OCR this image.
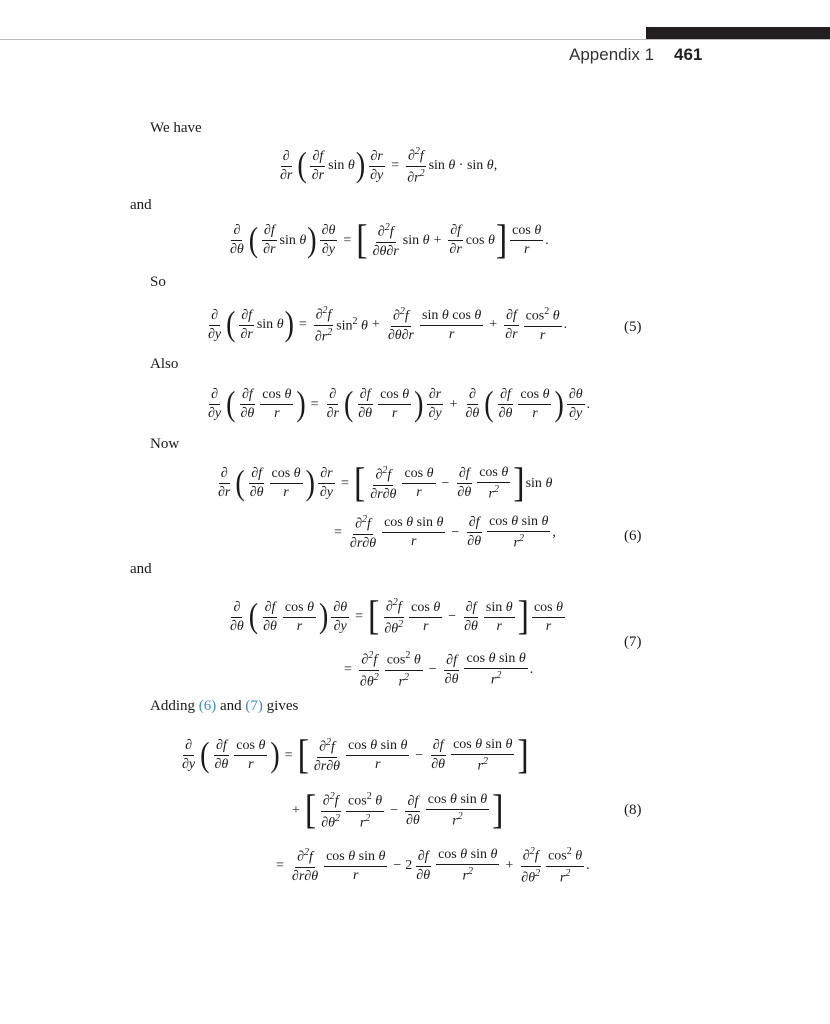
Appendix 1 461
We have
∂
∂r ( ∂f
∂r
sin θ ) $\frac{\partial r}{\partial y} = \frac{\partial^2f}{\partial r^2}$ sin θ · sin θ,
and
∂
∂θ ( ∂f
∂r
sin θ ) $\frac{\partial\theta}{\partial y}$ = [ ∂$^2$f
∂θ∂r
$\sin \theta + \frac{\partial f}{\partial r}$ cos θ ] cos θ
r
.
So
∂
∂y ( ∂f
∂r
sin θ ) = $\frac{\partial^2f}{\partial r^2} \sin^2 \theta + \frac{\partial^2f}{\partial\theta\partial r}$ sin θ cos θ
r
+ $\frac{\partial f}{\partial r} \cos^2 \theta$
r
.	(5)
Also
∂
∂y ( ∂f
∂θ
cos θ
r ) =
∂
∂r ( ∂f
∂θ
cos θ
r ) ∂r
∂y
+
∂
∂θ ( ∂f
∂θ
cos θ
r ) ∂θ
∂y
.
Now
∂
∂r ( ∂f
∂θ
cos θ
r ) $\frac{\partial r}{\partial y}$ = [ ∂$^2$f
∂r∂θ
cos θ
r
− $\frac{\partial f}{\partial\theta}$ cos θ
$r^2$ ] sin θ
= $\frac{\partial^2f}{\partial r\partial\theta}$ cos θ sin θ
r
− $\frac{\partial f}{\partial\theta}$ cos θ sin θ
$r^2$ ,	(6)
and
∂
∂θ ( ∂f
∂θ
cos θ
r ) $\frac{\partial\theta}{\partial y}$ = [ ∂$^2$f
$\partial\theta^2$
cos θ
r
− $\frac{\partial f}{\partial\theta}$ sin θ
r ] cos θ
r
= $\frac{\partial^2f}{\partial\theta^2} \cos^2 \theta$
$r^2 - \frac{\partial f}{\partial\theta}$ cos θ sin θ
$r^2$ .
(7)
Adding (6) and (7) gives
∂
∂y ( ∂f
∂θ
cos θ
r ) = [ ∂$^2$f
∂r∂θ
cos θ sin θ
r
− $\frac{\partial f}{\partial\theta}$ cos θ sin θ
$r^2$ ]
+ [ ∂$^2$f
$\partial\theta^2$
$\cos^2 \theta$
$r^2 - \frac{\partial f}{\partial\theta}$ cos θ sin θ
$r^2$ ]	(8)
= $\frac{\partial^2f}{\partial r\partial\theta}$ cos θ sin θ
r
− 2
∂f
∂θ
cos θ sin θ
$r^2 + \frac{\partial^2f}{\partial\theta^2} \cos^2 \theta$
$r^2$ .
